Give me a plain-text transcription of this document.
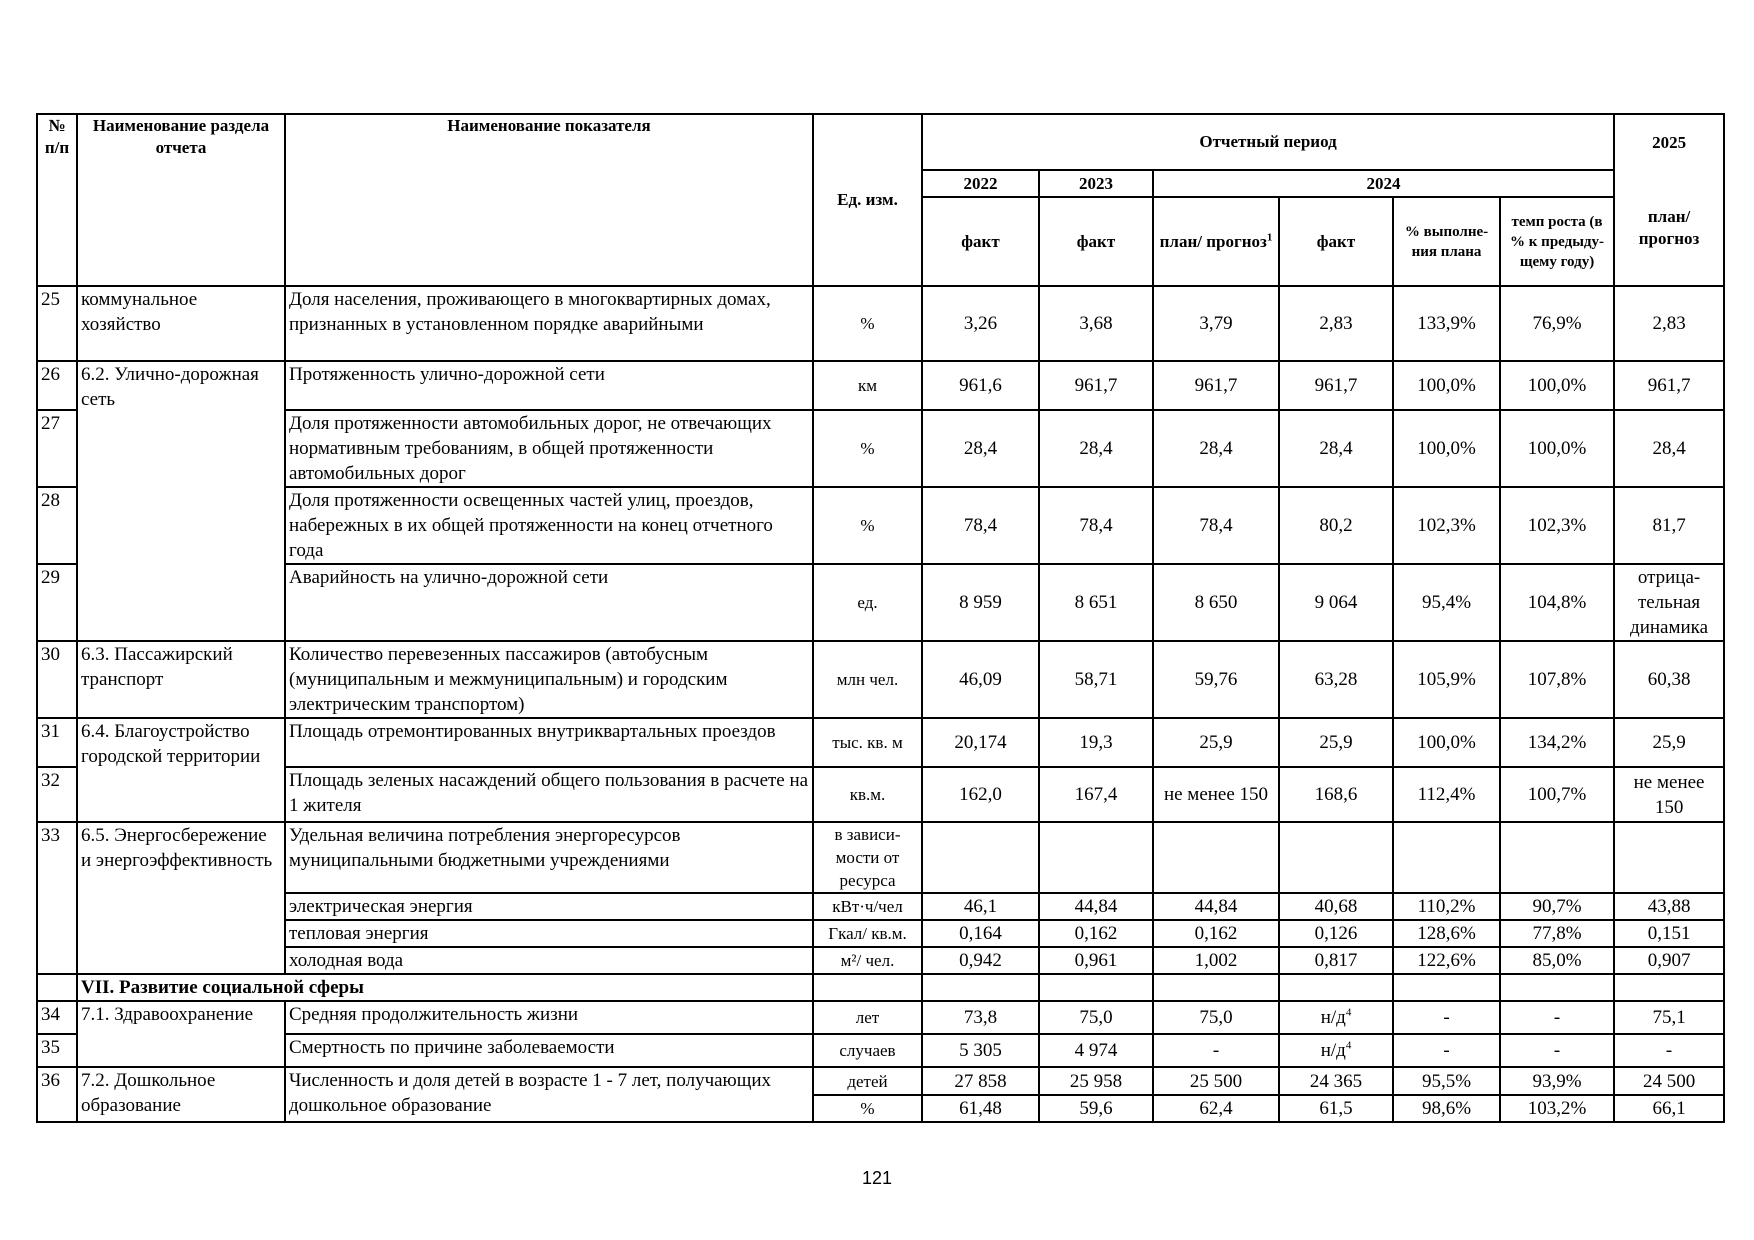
№ п/п	Наименование раздела отчета	Наименование показателя	Ед. изм.	Отчетный период						2025
				2022	2023	2024				план/ прогноз
				факт	факт	план/ прогноз$^1$	факт	% выполне-ния плана	темп роста (в % к предыду-щему году)	
25	коммунальное хозяйство	Доля населения, проживающего в многоквартирных домах, признанных в установленном порядке аварийными	%	3,26	3,68	3,79	2,83	133,9%	76,9%	2,83
26	6.2. Улично-дорожная сеть	Протяженность улично-дорожной сети	км	961,6	961,7	961,7	961,7	100,0%	100,0%	961,7
27		Доля протяженности автомобильных дорог, не отвечающих нормативным требованиям, в общей протяженности автомобильных дорог	%	28,4	28,4	28,4	28,4	100,0%	100,0%	28,4
28		Доля протяженности освещенных частей улиц, проездов, набережных в их общей протяженности на конец отчетного года	%	78,4	78,4	78,4	80,2	102,3%	102,3%	81,7
29		Аварийность на улично-дорожной сети	ед.	8 959	8 651	8 650	9 064	95,4%	104,8%	отрица-тельная динамика
30	6.3. Пассажирский транспорт	Количество перевезенных пассажиров (автобусным (муниципальным и межмуниципальным) и городским электрическим транспортом)	млн чел.	46,09	58,71	59,76	63,28	105,9%	107,8%	60,38
31	6.4. Благоустройство городской территории	Площадь отремонтированных внутриквартальных проездов	тыс. кв. м	20,174	19,3	25,9	25,9	100,0%	134,2%	25,9
32		Площадь зеленых насаждений общего пользования в расчете на 1 жителя	кв.м.	162,0	167,4	не менее 150	168,6	112,4%	100,7%	не менее 150
33	6.5. Энергосбережение и энергоэффективность	Удельная величина потребления энергоресурсов муниципальными бюджетными учреждениями	в зависи-мости от ресурса							
		электрическая энергия	кВт·ч/чел	46,1	44,84	44,84	40,68	110,2%	90,7%	43,88
		тепловая энергия	Гкал/ кв.м.	0,164	0,162	0,162	0,126	128,6%	77,8%	0,151
		холодная вода	м²/ чел.	0,942	0,961	1,002	0,817	122,6%	85,0%	0,907
	VII. Развитие социальной сферы									
34	7.1. Здравоохранение	Средняя продолжительность жизни	лет	73,8	75,0	75,0	$н/д^4$	-	-	75,1
35		Смертность по причине заболеваемости	случаев	5 305	4 974	-	$н/д^4$	-	-	-
36	7.2. Дошкольное образование	Численность и доля детей в возрасте 1 - 7 лет, получающих дошкольное образование	детей	27 858	25 958	25 500	24 365	95,5%	93,9%	24 500
			%	61,48	59,6	62,4	61,5	98,6%	103,2%	66,1
121
